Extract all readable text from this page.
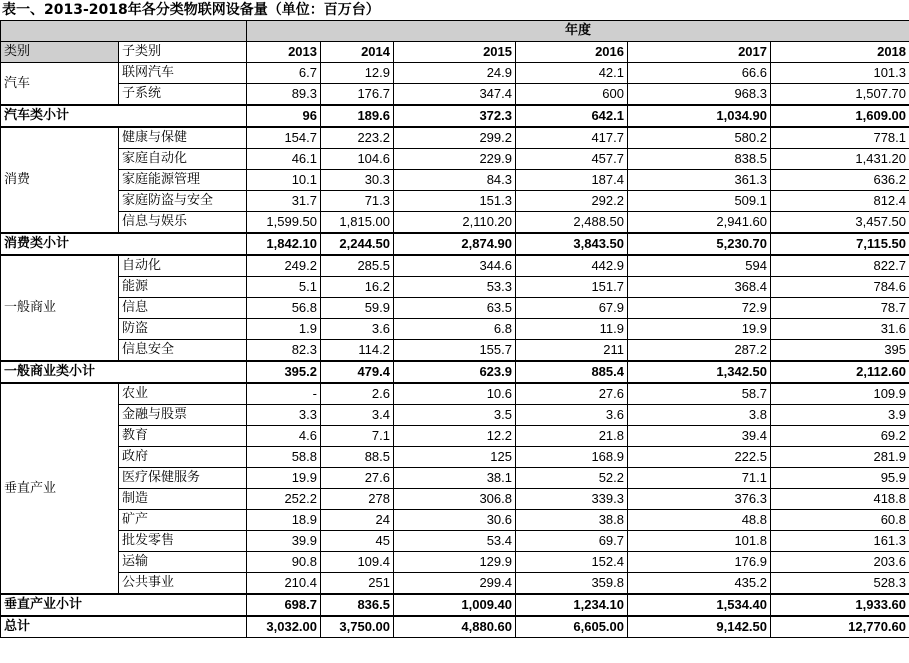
表一、2013-2018年各分类物联网设备量（单位：百万台）
		年度					
类别	子类别	2013	2014	2015	2016	2017	2018
汽车	联网汽车	6.7	12.9	24.9	42.1	66.6	101.3
	子系统	89.3	176.7	347.4	600	968.3	1,507.70
汽车类小计		96	189.6	372.3	642.1	1,034.90	1,609.00
消费	健康与保健	154.7	223.2	299.2	417.7	580.2	778.1
	家庭自动化	46.1	104.6	229.9	457.7	838.5	1,431.20
	家庭能源管理	10.1	30.3	84.3	187.4	361.3	636.2
	家庭防盗与安全	31.7	71.3	151.3	292.2	509.1	812.4
	信息与娱乐	1,599.50	1,815.00	2,110.20	2,488.50	2,941.60	3,457.50
消费类小计		1,842.10	2,244.50	2,874.90	3,843.50	5,230.70	7,115.50
一般商业	自动化	249.2	285.5	344.6	442.9	594	822.7
	能源	5.1	16.2	53.3	151.7	368.4	784.6
	信息	56.8	59.9	63.5	67.9	72.9	78.7
	防盗	1.9	3.6	6.8	11.9	19.9	31.6
	信息安全	82.3	114.2	155.7	211	287.2	395
一般商业类小计		395.2	479.4	623.9	885.4	1,342.50	2,112.60
垂直产业	农业	-	2.6	10.6	27.6	58.7	109.9
	金融与股票	3.3	3.4	3.5	3.6	3.8	3.9
	教育	4.6	7.1	12.2	21.8	39.4	69.2
	政府	58.8	88.5	125	168.9	222.5	281.9
	医疗保健服务	19.9	27.6	38.1	52.2	71.1	95.9
	制造	252.2	278	306.8	339.3	376.3	418.8
	矿产	18.9	24	30.6	38.8	48.8	60.8
	批发零售	39.9	45	53.4	69.7	101.8	161.3
	运输	90.8	109.4	129.9	152.4	176.9	203.6
	公共事业	210.4	251	299.4	359.8	435.2	528.3
垂直产业小计		698.7	836.5	1,009.40	1,234.10	1,534.40	1,933.60
总计		3,032.00	3,750.00	4,880.60	6,605.00	9,142.50	12,770.60
